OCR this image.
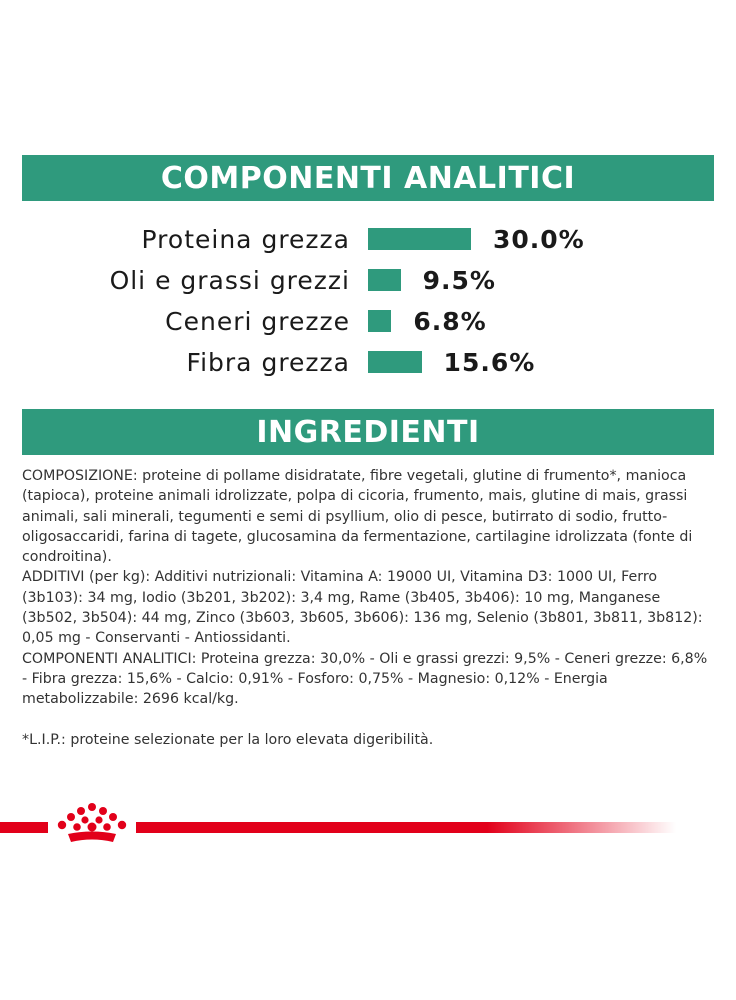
COMPONENTI ANALITICI
Proteina grezza	30.0%
Oli e grassi grezzi	9.5%
Ceneri grezze	6.8%
Fibra grezza	15.6%
INGREDIENTI

COMPOSIZIONE: proteine di pollame disidratate, fibre vegetali, glutine di frumento*, manioca (tapioca), proteine animali idrolizzate, polpa di cicoria, frumento, mais, glutine di mais, grassi animali, sali minerali, tegumenti e semi di psyllium, olio di pesce, butirrato di sodio, frutto-oligosaccaridi, farina di tagete, glucosamina da fermentazione, cartilagine idrolizzata (fonte di condroitina).

ADDITIVI (per kg): Additivi nutrizionali: Vitamina A: 19000 UI, Vitamina D3: 1000 UI, Ferro (3b103): 34 mg, Iodio (3b201, 3b202): 3,4 mg, Rame (3b405, 3b406): 10 mg, Manganese (3b502, 3b504): 44 mg, Zinco (3b603, 3b605, 3b606): 136 mg, Selenio (3b801, 3b811, 3b812): 0,05 mg - Conservanti - Antiossidanti.

COMPONENTI ANALITICI: Proteina grezza: 30,0% - Oli e grassi grezzi: 9,5% - Ceneri grezze: 6,8% - Fibra grezza: 15,6% - Calcio: 0,91% - Fosforo: 0,75% - Magnesio: 0,12% - Energia metabolizzabile: 2696 kcal/kg.

*L.I.P.: proteine selezionate per la loro elevata digeribilità.
